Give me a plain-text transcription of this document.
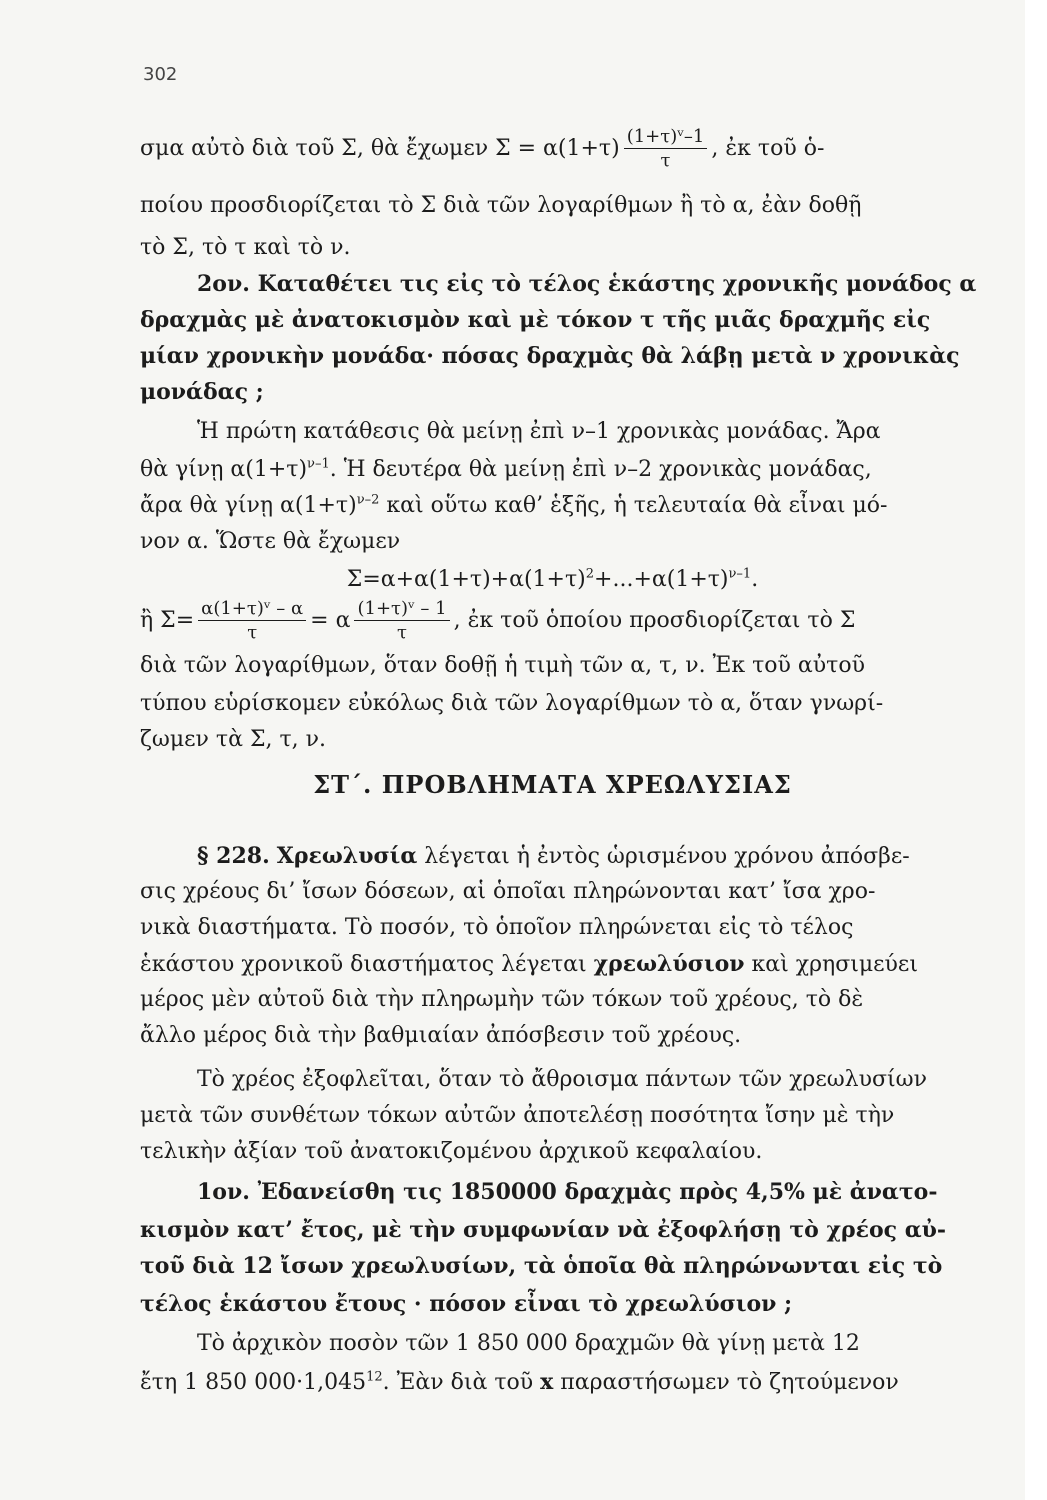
302
σμα αὐτὸ διὰ τοῦ Σ, θὰ ἔχωμεν $\Sigma = \alpha(1+\tau) \frac{\text{(1+τ)ᵛ–1}}{\tau}$ , ἐκ τοῦ ὁ-
ποίου προσδιορίζεται τὸ Σ διὰ τῶν λογαρίθμων ἢ τὸ α, ἐὰν δοθῇ
τὸ Σ, τὸ τ καὶ τὸ ν.
2ον. Καταθέτει τις εἰς τὸ τέλος ἑκάστης χρονικῆς μονάδος α
δραχμὰς μὲ ἀνατοκισμὸν καὶ μὲ τόκον τ τῆς μιᾶς δραχμῆς εἰς
μίαν χρονικὴν μονάδα· πόσας δραχμὰς θὰ λάβῃ μετὰ ν χρονικὰς
μονάδας ;
Ἡ πρώτη κατάθεσις θὰ μείνῃ ἐπὶ ν–1 χρονικὰς μονάδας. Ἄρα
θὰ γίνῃ $\alpha(1+\tau)^{\nu-1}$. Ἡ δευτέρα θὰ μείνῃ ἐπὶ ν–2 χρονικὰς μονάδας,
ἄρα θὰ γίνῃ $\alpha(1+\tau)^{\nu-2}$ καὶ οὕτω καθ’ ἑξῆς, ἡ τελευταία θὰ εἶναι μό-
νον α. Ὥστε θὰ ἔχωμεν
$\Sigma=\alpha+\alpha(1+\tau)+\alpha(1+\tau)^2+...+\alpha(1+\tau)^{\nu-1}$.
ἢ $\Sigma= \frac{\text{α(1+τ)ᵛ – α}}{\tau} = \alpha \frac{\text{(1+τ)ᵛ – 1}}{\tau}$ , ἐκ τοῦ ὁποίου προσδιορίζεται τὸ Σ
διὰ τῶν λογαρίθμων, ὅταν δοθῇ ἡ τιμὴ τῶν α, τ, ν. Ἐκ τοῦ αὐτοῦ
τύπου εὑρίσκομεν εὐκόλως διὰ τῶν λογαρίθμων τὸ α, ὅταν γνωρί-
ζωμεν τὰ Σ, τ, ν.
ΣΤ΄. ΠΡΟΒΛΗΜΑΤΑ ΧΡΕΩΛΥΣΙΑΣ
§ 228. Χρεωλυσία λέγεται ἡ ἐντὸς ὡρισμένου χρόνου ἀπόσβε-
σις χρέους δι’ ἴσων δόσεων, αἱ ὁποῖαι πληρώνονται κατ’ ἴσα χρο-
νικὰ διαστήματα. Τὸ ποσόν, τὸ ὁποῖον πληρώνεται εἰς τὸ τέλος
ἑκάστου χρονικοῦ διαστήματος λέγεται χρεωλύσιον καὶ χρησιμεύει
μέρος μὲν αὐτοῦ διὰ τὴν πληρωμὴν τῶν τόκων τοῦ χρέους, τὸ δὲ
ἄλλο μέρος διὰ τὴν βαθμιαίαν ἀπόσβεσιν τοῦ χρέους.
Τὸ χρέος ἐξοφλεῖται, ὅταν τὸ ἄθροισμα πάντων τῶν χρεωλυσίων
μετὰ τῶν συνθέτων τόκων αὐτῶν ἀποτελέσῃ ποσότητα ἴσην μὲ τὴν
τελικὴν ἀξίαν τοῦ ἀνατοκιζομένου ἀρχικοῦ κεφαλαίου.
1ον. Ἐδανείσθη τις 1850000 δραχμὰς πρὸς 4,5% μὲ ἀνατο-
κισμὸν κατ’ ἔτος, μὲ τὴν συμφωνίαν νὰ ἐξοφλήσῃ τὸ χρέος αὐ-
τοῦ διὰ 12 ἴσων χρεωλυσίων, τὰ ὁποῖα θὰ πληρώνωνται εἰς τὸ
τέλος ἑκάστου ἔτους · πόσον εἶναι τὸ χρεωλύσιον ;
Τὸ ἀρχικὸν ποσὸν τῶν 1 850 000 δραχμῶν θὰ γίνῃ μετὰ 12
ἔτη 1 850 $000\cdot 1,045^{12}$. Ἐὰν διὰ τοῦ x παραστήσωμεν τὸ ζητούμενον
